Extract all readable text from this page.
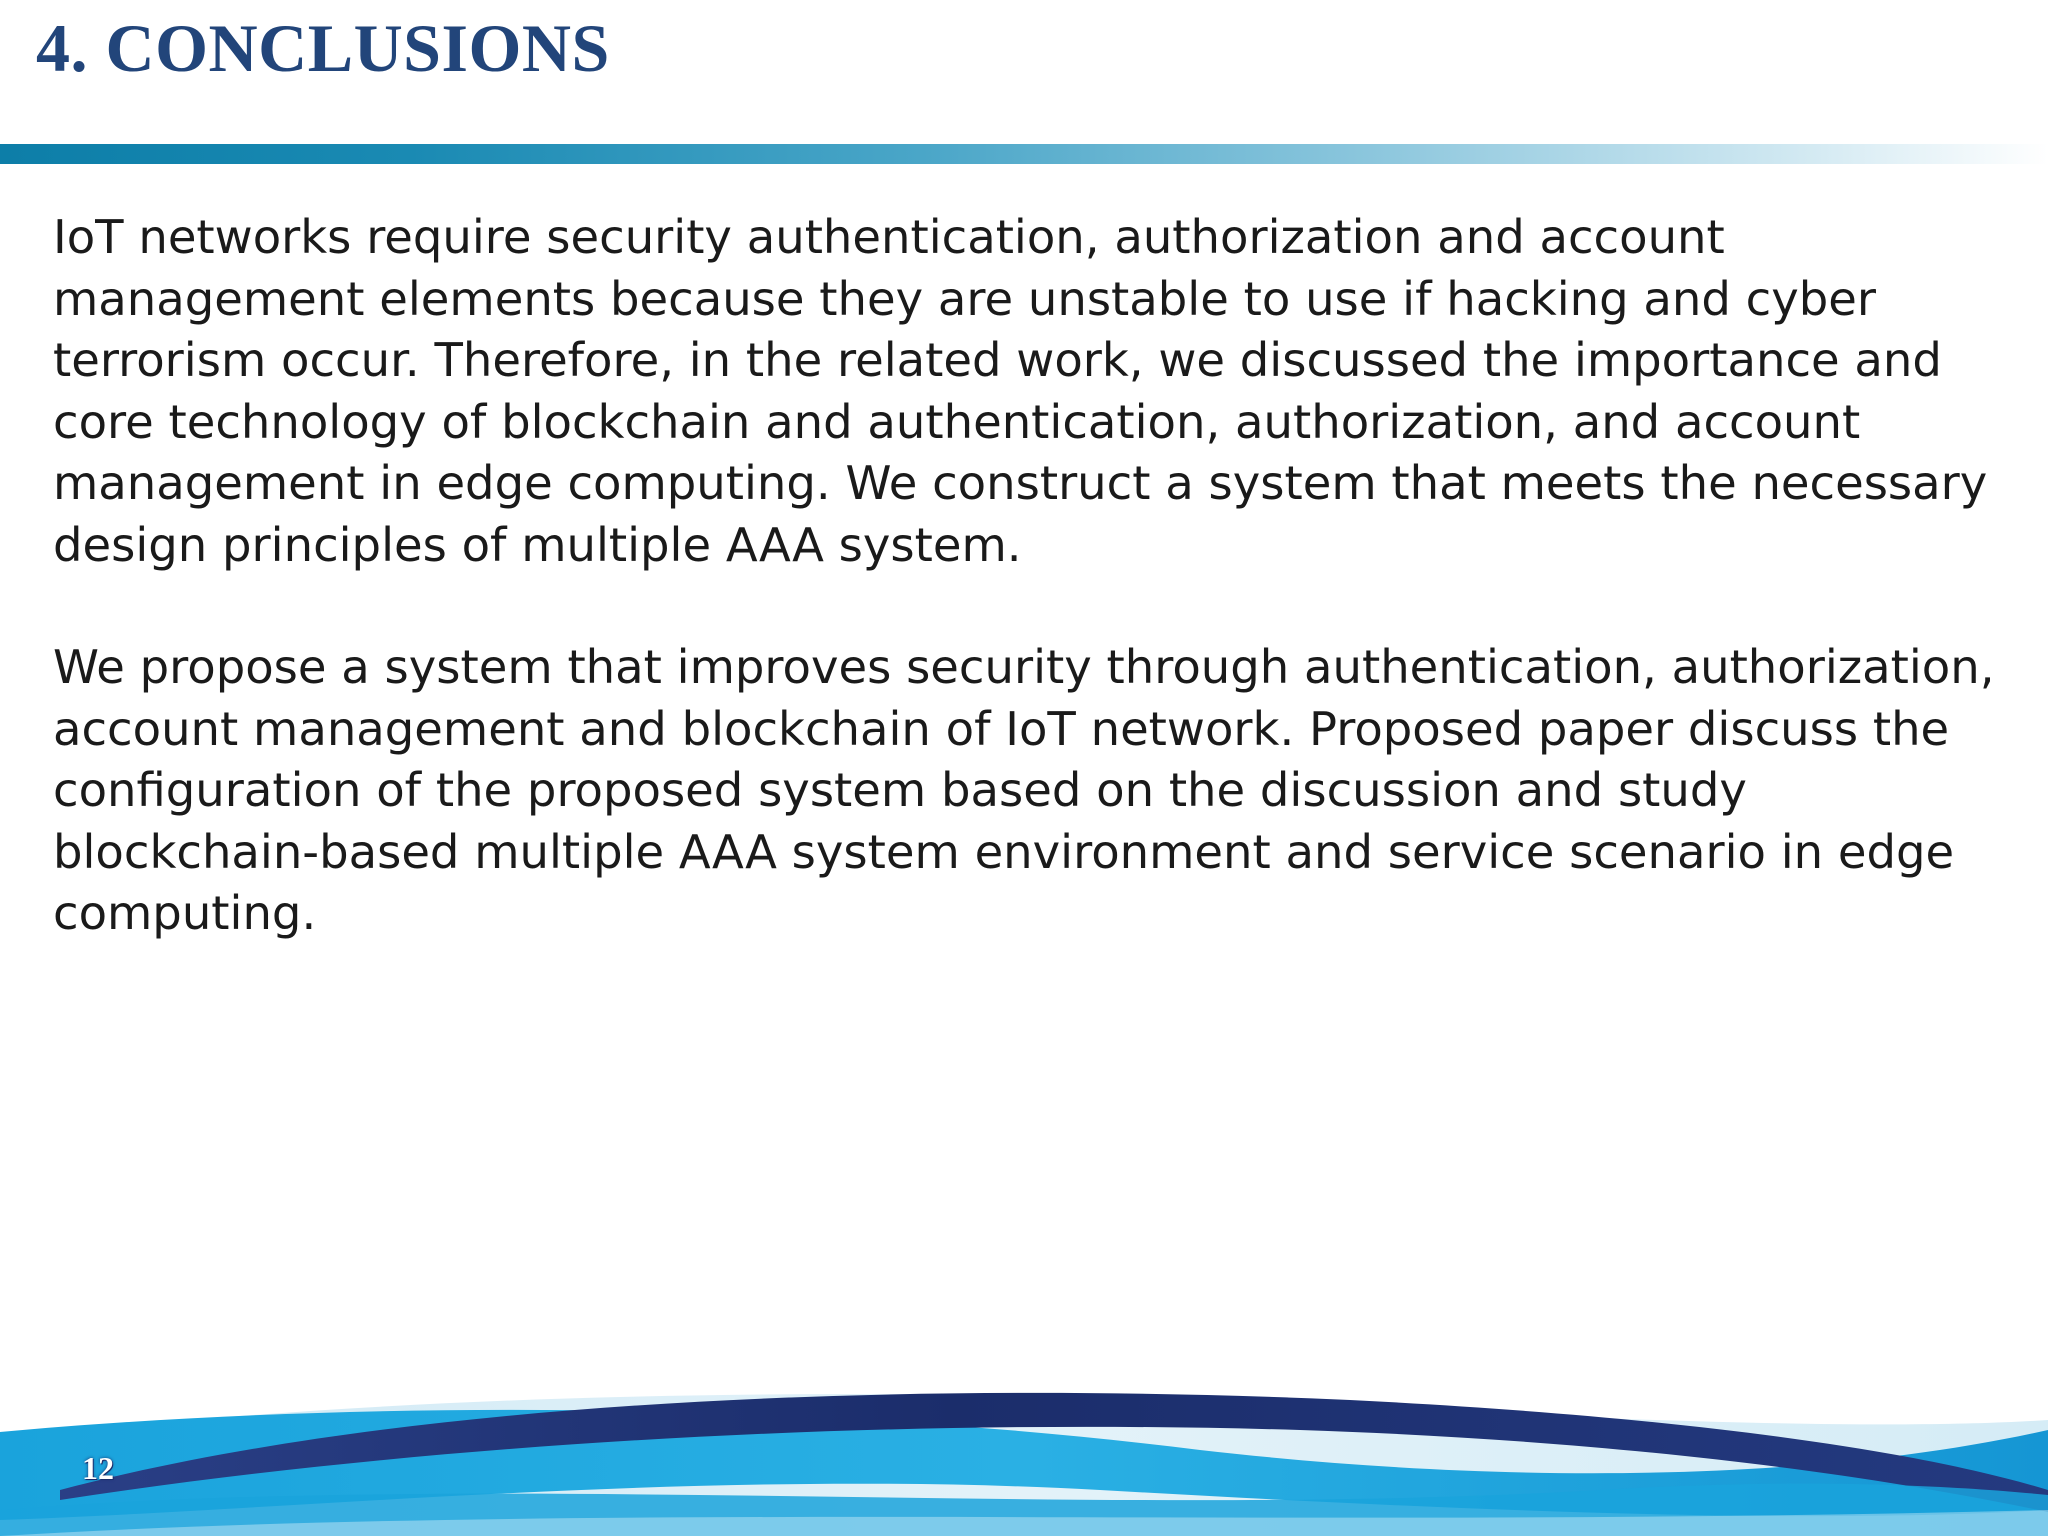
4. CONCLUSIONS

IoT networks require security authentication, authorization and account management elements because they are unstable to use if hacking and cyber terrorism occur. Therefore, in the related work, we discussed the importance and core technology of blockchain and authentication, authorization, and account management in edge computing. We construct a system that meets the necessary design principles of multiple AAA system.

We propose a system that improves security through authentication, authorization, account management and blockchain of IoT network. Proposed paper discuss the configuration of the proposed system based on the discussion and study blockchain-based multiple AAA system environment and service scenario in edge computing.

12
